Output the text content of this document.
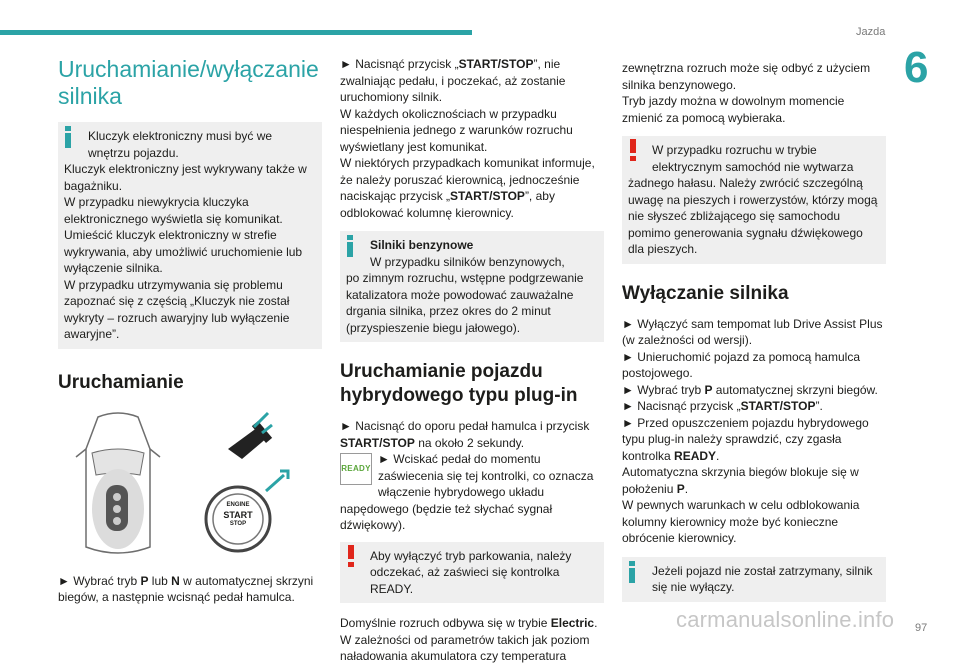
Jazda
6
Uruchamianie/wyłączanie silnika

Kluczyk elektroniczny musi być we wnętrzu pojazdu.

Kluczyk elektroniczny jest wykrywany także w bagażniku.

W przypadku niewykrycia kluczyka elektronicznego wyświetla się komunikat.

Umieścić kluczyk elektroniczny w strefie wykrywania, aby umożliwić uruchomienie lub wyłączenie silnika.

W przypadku utrzymywania się problemu zapoznać się z częścią „Kluczyk nie został wykryty – rozruch awaryjny lub wyłączenie awaryjne”.

Uruchamianie
ENGINE
START
STOP

► Wybrać tryb P lub N w automatycznej skrzyni biegów, a następnie wcisnąć pedał hamulca.

► Nacisnąć przycisk „START/STOP”, nie zwalniając pedału, i poczekać, aż zostanie uruchomiony silnik.

W każdych okolicznościach w przypadku niespełnienia jednego z warunków rozruchu wyświetlany jest komunikat.

W niektórych przypadkach komunikat informuje, że należy poruszać kierownicą, jednocześnie naciskając przycisk „START/STOP”, aby odblokować kolumnę kierownicy.

Silniki benzynowe

W przypadku silników benzynowych,

po zimnym rozruchu, wstępne podgrzewanie katalizatora może powodować zauważalne drgania silnika, przez okres do 2 minut (przyspieszenie biegu jałowego).

Uruchamianie pojazdu hybrydowego typu plug-in

► Nacisnąć do oporu pedał hamulca i przycisk START/STOP na około 2 sekundy.

READY
► Wciskać pedał do momentu zaświecenia się tej kontrolki, co oznacza włączenie hybrydowego układu napędowego (będzie też słychać sygnał dźwiękowy).

Aby wyłączyć tryb parkowania, należy odczekać, aż zaświeci się kontrolka READY.

Domyślnie rozruch odbywa się w trybie Electric.

W zależności od parametrów takich jak poziom naładowania akumulatora czy temperatura

zewnętrzna rozruch może się odbyć z użyciem silnika benzynowego.

Tryb jazdy można w dowolnym momencie zmienić za pomocą wybieraka.

W przypadku rozruchu w trybie elektrycznym samochód nie wytwarza

żadnego hałasu. Należy zwrócić szczególną uwagę na pieszych i rowerzystów, którzy mogą nie słyszeć zbliżającego się samochodu pomimo generowania sygnału dźwiękowego dla pieszych.

Wyłączanie silnika

► Wyłączyć sam tempomat lub Drive Assist Plus (w zależności od wersji).

► Unieruchomić pojazd za pomocą hamulca postojowego.

► Wybrać tryb P automatycznej skrzyni biegów.

► Nacisnąć przycisk „START/STOP”.

► Przed opuszczeniem pojazdu hybrydowego typu plug-in należy sprawdzić, czy zgasła kontrolka READY.

Automatyczna skrzynia biegów blokuje się w położeniu P.

W pewnych warunkach w celu odblokowania kolumny kierownicy może być konieczne obrócenie kierownicy.

Jeżeli pojazd nie został zatrzymany, silnik się nie wyłączy.

carmanualsonline.info 97
